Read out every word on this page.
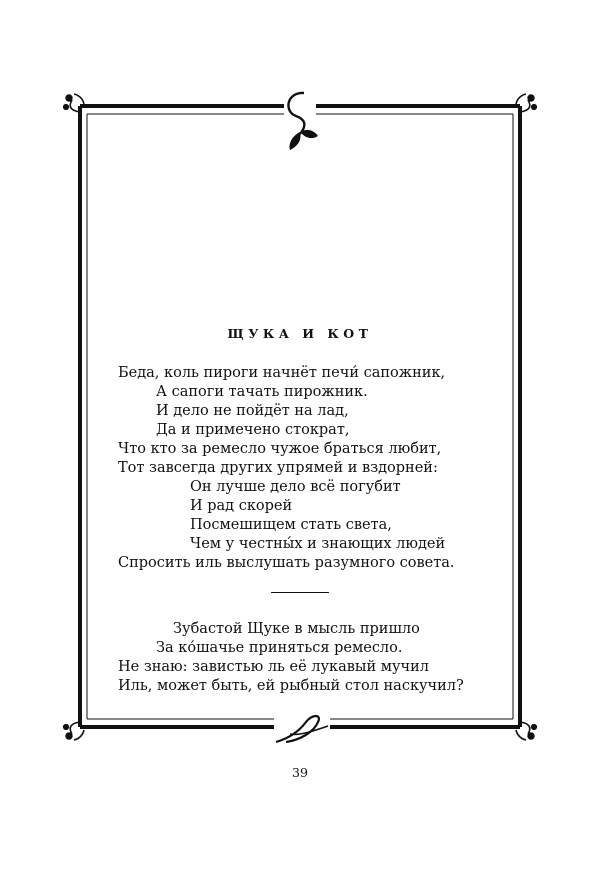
ЩУКА И КОТ
Беда, коль пироги начнёт печи́ сапожник,
А сапоги тачать пирожник.
И дело не пойдёт на лад,
Да и примечено стократ,
Что кто за ремесло чужое браться любит,
Тот завсегда других упрямей и вздорней:
Он лучше дело всё погубит
И рад скорей
Посмешищем стать света,
Чем у честны́х и знающих людей
Спросить иль выслушать разумного совета.
Зубастой Щуке в мысль пришло
За ко́шачье приняться ремесло.
Не знаю: завистью ль её лукавый мучил
Иль, может быть, ей рыбный стол наскучил?
39
